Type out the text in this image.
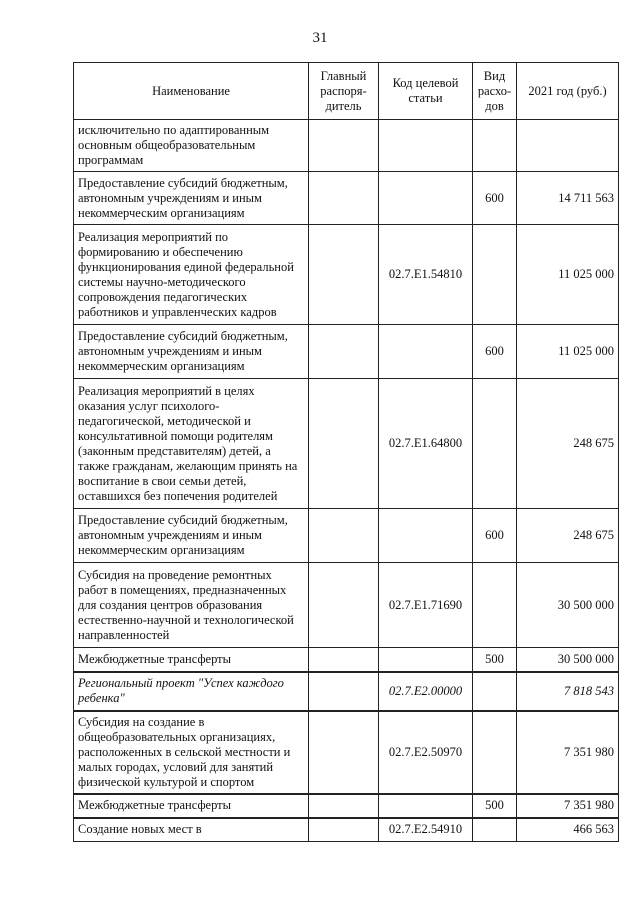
31
Наименование	Главный распоря-дитель	Код целевой статьи	Вид расхо-дов	2021 год (руб.)
исключительно по адаптированным основным общеобразовательным программам				
Предоставление субсидий бюджетным, автономным учреждениям и иным некоммерческим организациям			600	14 711 563
Реализация мероприятий по формированию и обеспечению функционирования единой федеральной системы научно-методического сопровождения педагогических работников и управленческих кадров		02.7.E1.54810		11 025 000
Предоставление субсидий бюджетным, автономным учреждениям и иным некоммерческим организациям			600	11 025 000
Реализация мероприятий в целях оказания услуг психолого-педагогической, методической и консультативной помощи родителям (законным представителям) детей, а также гражданам, желающим принять на воспитание в свои семьи детей, оставшихся без попечения родителей		02.7.E1.64800		248 675
Предоставление субсидий бюджетным, автономным учреждениям и иным некоммерческим организациям			600	248 675
Субсидия на проведение ремонтных работ в помещениях, предназначенных для создания центров образования естественно-научной и технологической направленностей		02.7.E1.71690		30 500 000
Межбюджетные трансферты			500	30 500 000
Региональный проект "Успех каждого ребенка"		02.7.E2.00000		7 818 543
Субсидия на создание в общеобразовательных организациях, расположенных в сельской местности и малых городах, условий для занятий физической культурой и спортом		02.7.E2.50970		7 351 980
Межбюджетные трансферты			500	7 351 980
Создание новых мест в		02.7.E2.54910		466 563
